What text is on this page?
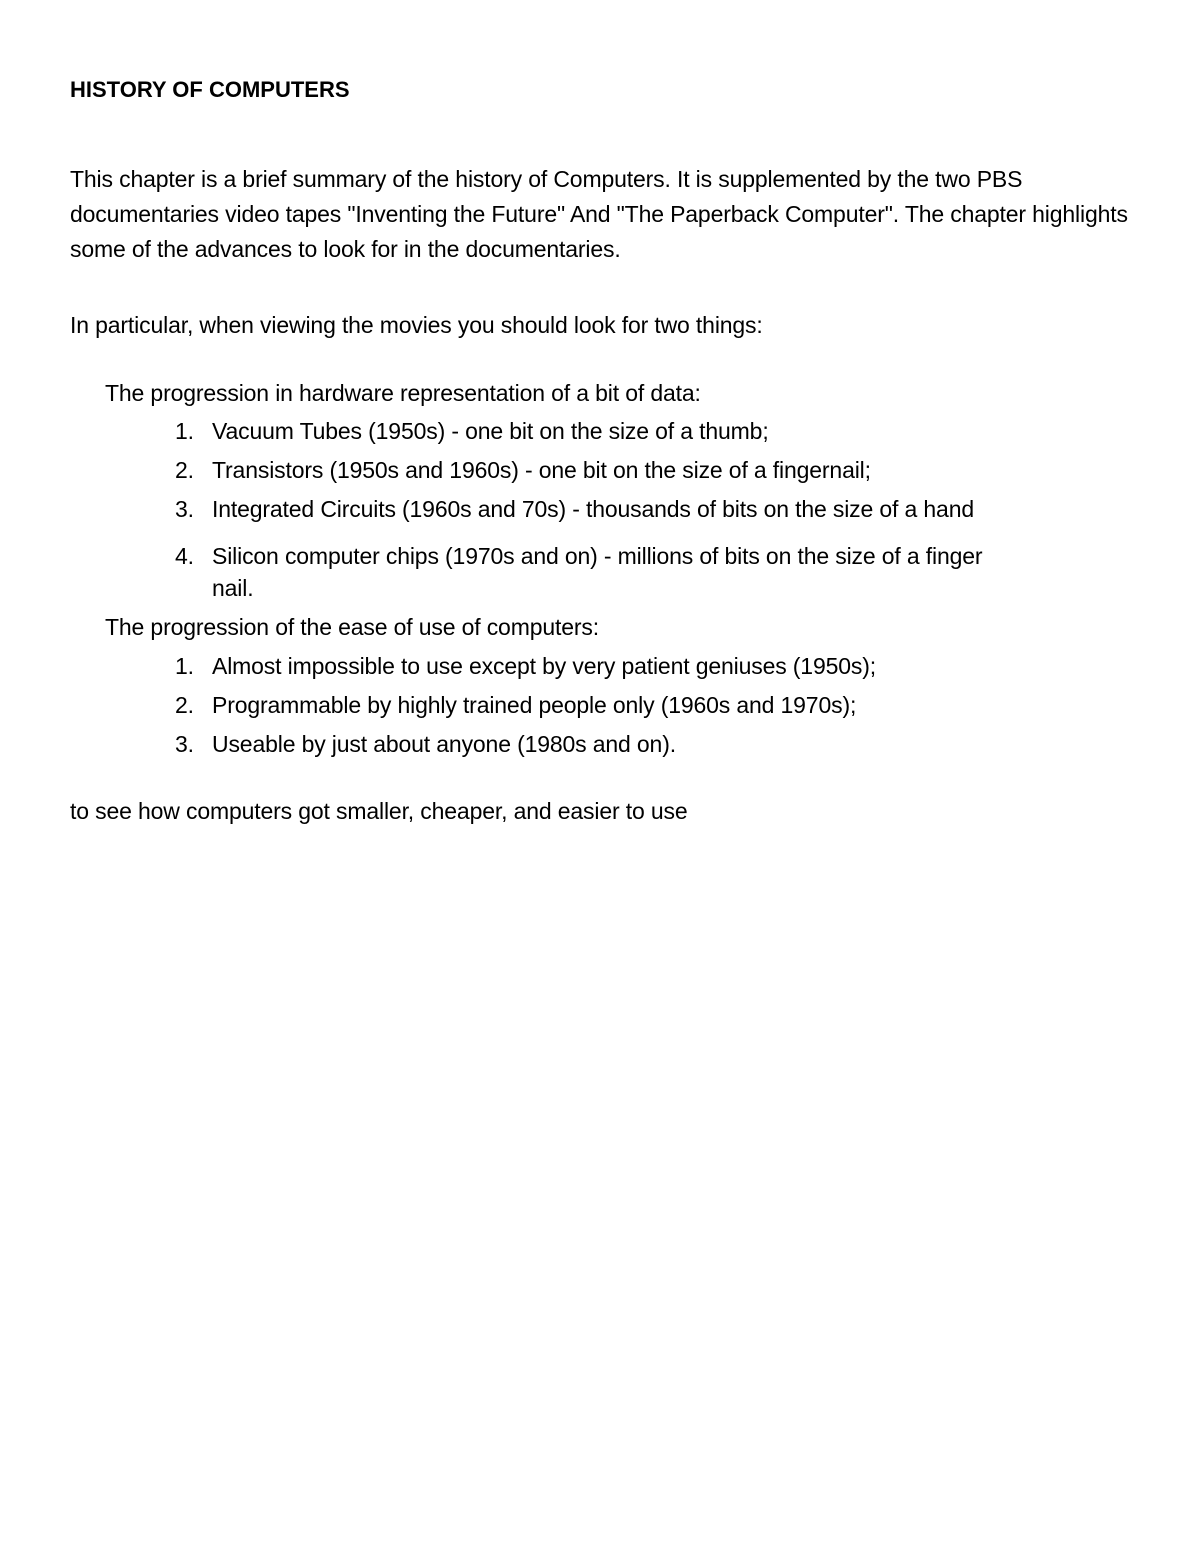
HISTORY OF COMPUTERS
This chapter is a brief summary of the history of Computers. It is supplemented by the two PBS documentaries video tapes "Inventing the Future" And "The Paperback Computer". The chapter highlights some of the advances to look for in the documentaries.
In particular, when viewing the movies you should look for two things:
The progression in hardware representation of a bit of data:
1. Vacuum Tubes (1950s) - one bit on the size of a thumb;
2. Transistors (1950s and 1960s) - one bit on the size of a fingernail;
3. Integrated Circuits (1960s and 70s) - thousands of bits on the size of a hand
4. Silicon computer chips (1970s and on) - millions of bits on the size of a finger nail.
The progression of the ease of use of computers:
1. Almost impossible to use except by very patient geniuses (1950s);
2. Programmable by highly trained people only (1960s and 1970s);
3. Useable by just about anyone (1980s and on).
to see how computers got smaller, cheaper, and easier to use
